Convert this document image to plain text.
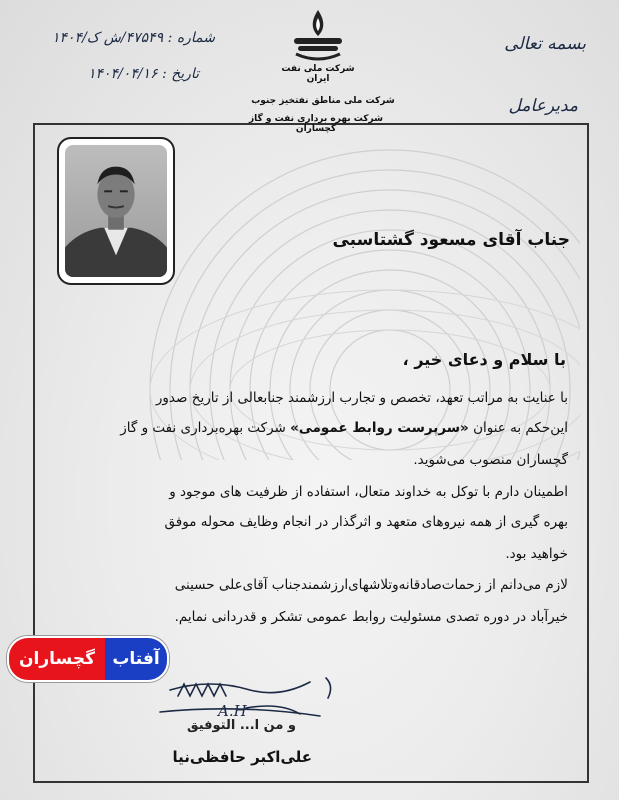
شماره : ۴۷۵۴۹/ش ک/۱۴۰۴
تاریخ : ۱۴۰۴/۰۴/۱۶	شرکت ملی نفت ایران
شرکت ملی مناطق نفتخیز جنوب
شرکت بهره برداری نفت و گاز گچساران
بسمه تعالی
مدیرعامل
جناب آقای مسعود گشتاسبی
با سلام و دعای خیر ،
با عنایت به مراتب تعهد، تخصص و تجارب ارزشمند جنابعالی از تاریخ صدور
این‌حکم به عنوان «سرپرست روابط عمومی» شرکت بهره‌برداری نفت و گاز
گچساران منصوب می‌شوید.
اطمینان دارم با توکل به خداوند متعال، استفاده از ظرفیت های موجود و
بهره گیری از همه نیروهای متعهد و اثرگذار در انجام وظایف محوله موفق
خواهید بود.
لازم می‌دانم از زحمات‌صادقانه‌وتلاشهای‌ارزشمندجناب آقای‌علی حسینی
خیرآباد در دوره تصدی مسئولیت روابط عمومی تشکر و قدردانی نمایم.
آفتاب
گچساران
A.H
و من ا... التوفیق
علی‌اکبر حافظی‌نیا
